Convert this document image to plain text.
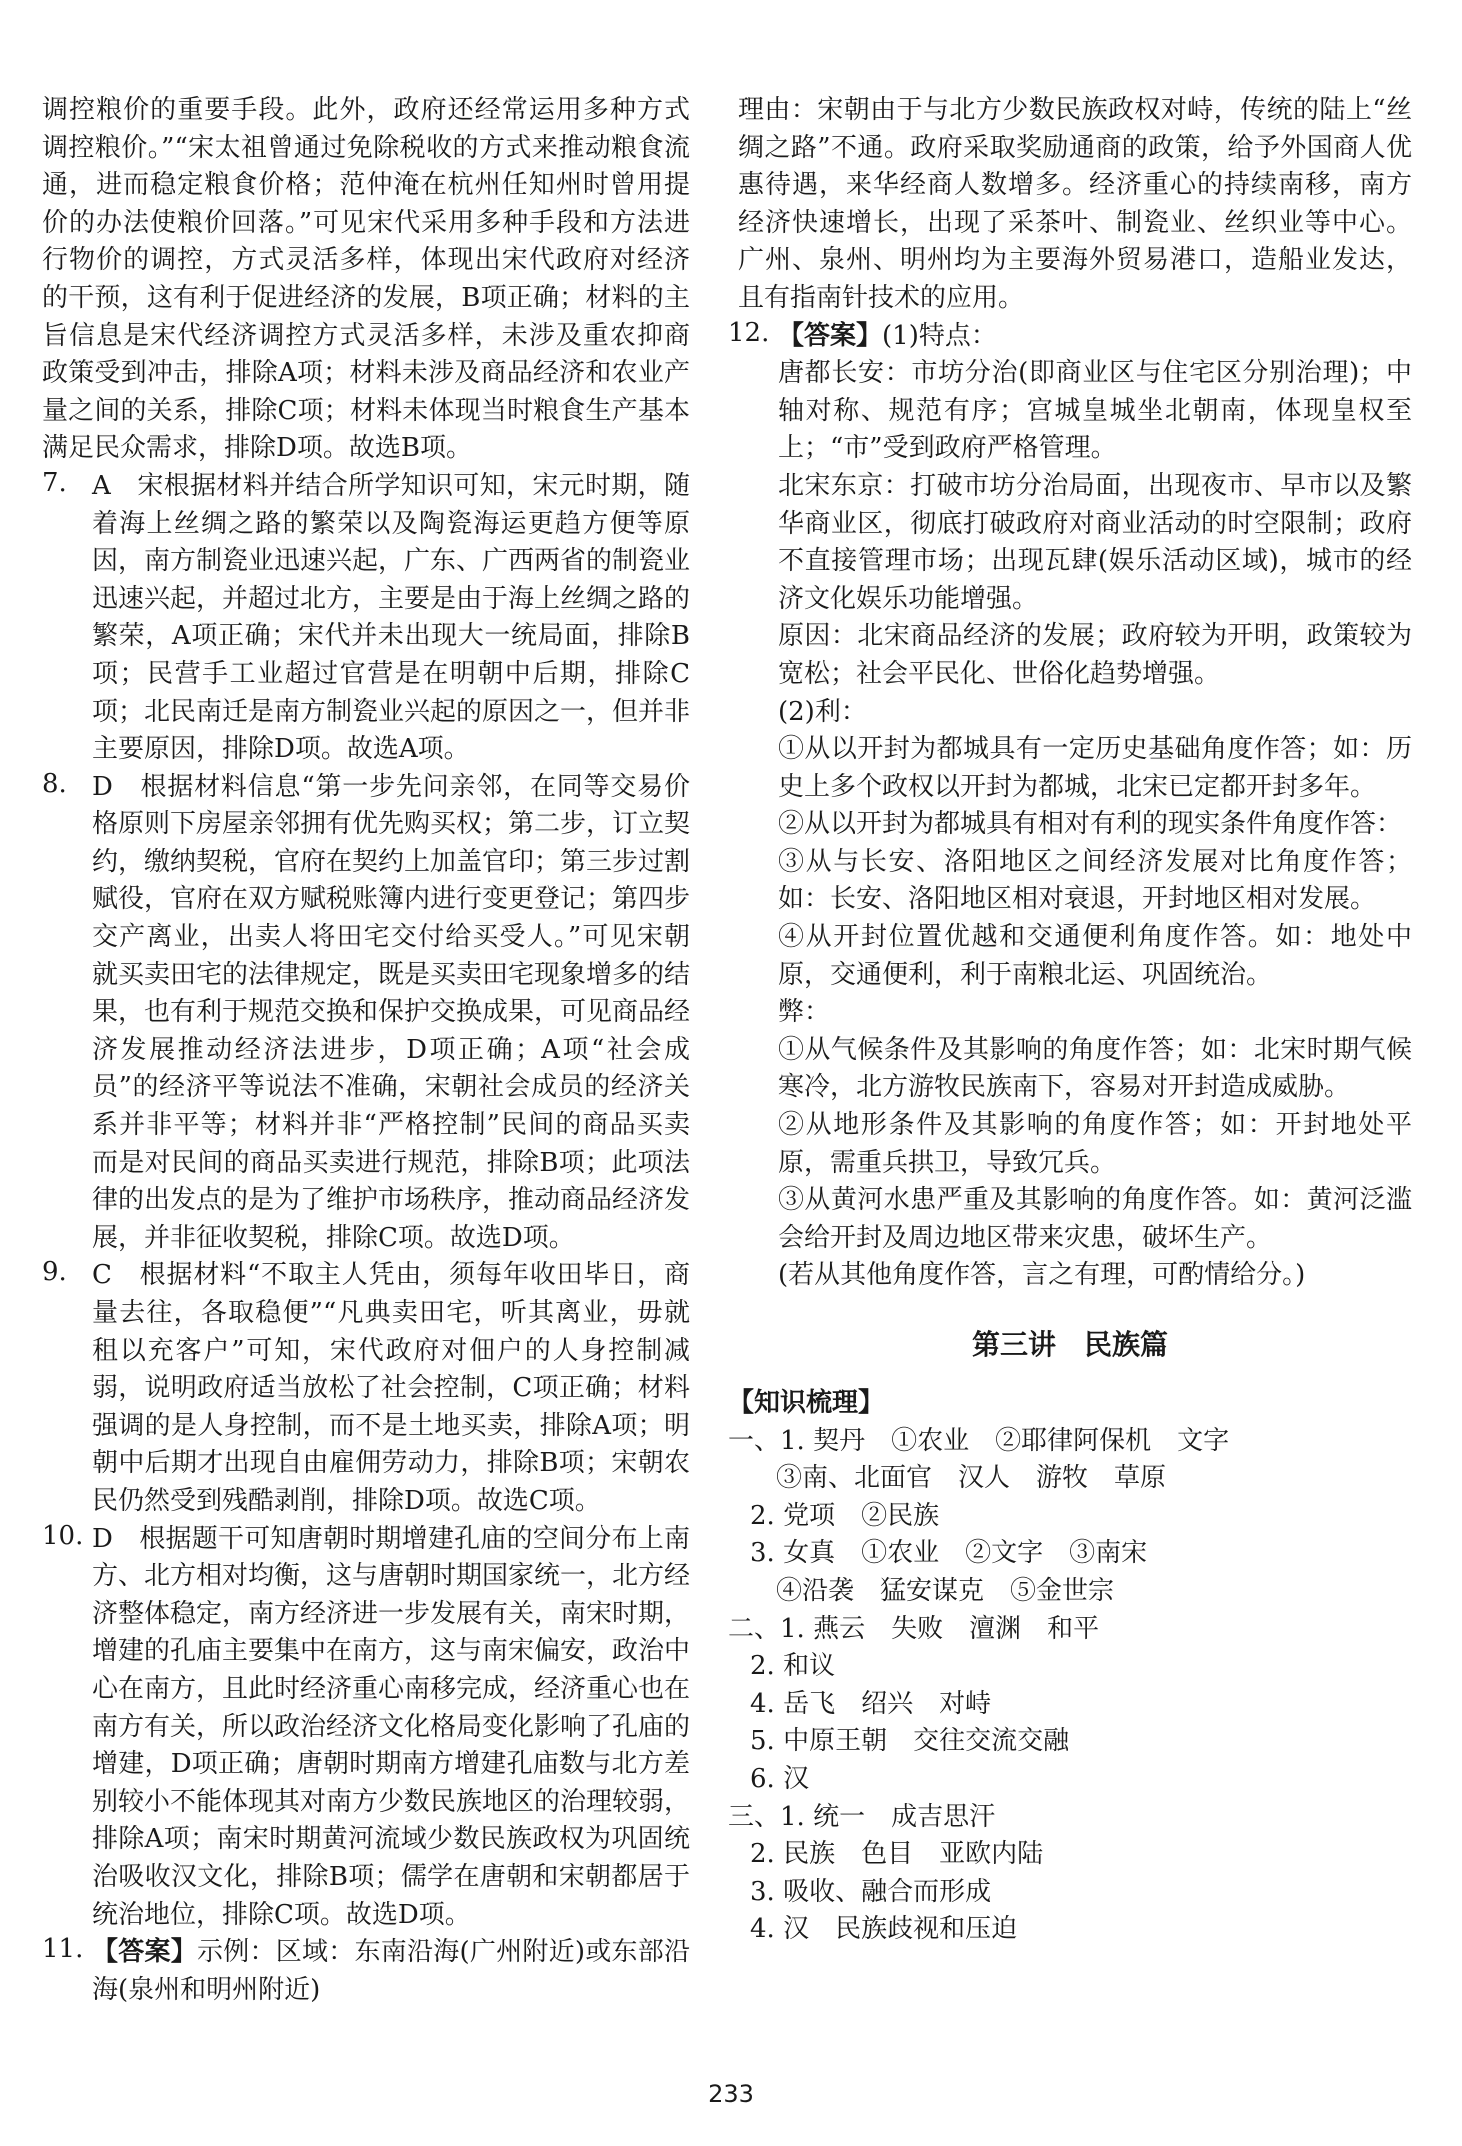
调控粮价的重要手段。此外，政府还经常运用多种方式调控粮价。”“宋太祖曾通过免除税收的方式来推动粮食流通，进而稳定粮食价格；范仲淹在杭州任知州时曾用提价的办法使粮价回落。”可见宋代采用多种手段和方法进行物价的调控，方式灵活多样，体现出宋代政府对经济的干预，这有利于促进经济的发展，B项正确；材料的主旨信息是宋代经济调控方式灵活多样，未涉及重农抑商政策受到冲击，排除A项；材料未涉及商品经济和农业产量之间的关系，排除C项；材料未体现当时粮食生产基本满足民众需求，排除D项。故选B项。

7. A　宋根据材料并结合所学知识可知，宋元时期，随着海上丝绸之路的繁荣以及陶瓷海运更趋方便等原因，南方制瓷业迅速兴起，广东、广西两省的制瓷业迅速兴起，并超过北方，主要是由于海上丝绸之路的繁荣，A项正确；宋代并未出现大一统局面，排除B项；民营手工业超过官营是在明朝中后期，排除C项；北民南迁是南方制瓷业兴起的原因之一，但并非主要原因，排除D项。故选A项。

8. D　根据材料信息“第一步先问亲邻，在同等交易价格原则下房屋亲邻拥有优先购买权；第二步，订立契约，缴纳契税，官府在契约上加盖官印；第三步过割赋役，官府在双方赋税账簿内进行变更登记；第四步交产离业，出卖人将田宅交付给买受人。”可见宋朝就买卖田宅的法律规定，既是买卖田宅现象增多的结果，也有利于规范交换和保护交换成果，可见商品经济发展推动经济法进步，D项正确；A项“社会成员”的经济平等说法不准确，宋朝社会成员的经济关系并非平等；材料并非“严格控制”民间的商品买卖而是对民间的商品买卖进行规范，排除B项；此项法律的出发点的是为了维护市场秩序，推动商品经济发展，并非征收契税，排除C项。故选D项。

9. C　根据材料“不取主人凭由，须每年收田毕日，商量去往，各取稳便”“凡典卖田宅，听其离业，毋就租以充客户”可知，宋代政府对佃户的人身控制减弱，说明政府适当放松了社会控制，C项正确；材料强调的是人身控制，而不是土地买卖，排除A项；明朝中后期才出现自由雇佣劳动力，排除B项；宋朝农民仍然受到残酷剥削，排除D项。故选C项。

10. D　根据题干可知唐朝时期增建孔庙的空间分布上南方、北方相对均衡，这与唐朝时期国家统一，北方经济整体稳定，南方经济进一步发展有关，南宋时期，增建的孔庙主要集中在南方，这与南宋偏安，政治中心在南方，且此时经济重心南移完成，经济重心也在南方有关，所以政治经济文化格局变化影响了孔庙的增建，D项正确；唐朝时期南方增建孔庙数与北方差别较小不能体现其对南方少数民族地区的治理较弱，排除A项；南宋时期黄河流域少数民族政权为巩固统治吸收汉文化，排除B项；儒学在唐朝和宋朝都居于统治地位，排除C项。故选D项。

11. 【答案】示例：区域：东南沿海(广州附近)或东部沿海(泉州和明州附近)

理由：宋朝由于与北方少数民族政权对峙，传统的陆上“丝绸之路”不通。政府采取奖励通商的政策，给予外国商人优惠待遇，来华经商人数增多。经济重心的持续南移，南方经济快速增长，出现了采茶叶、制瓷业、丝织业等中心。广州、泉州、明州均为主要海外贸易港口，造船业发达，且有指南针技术的应用。

12. 【答案】(1)特点：

唐都长安：市坊分治(即商业区与住宅区分别治理)；中轴对称、规范有序；宫城皇城坐北朝南，体现皇权至上；“市”受到政府严格管理。

北宋东京：打破市坊分治局面，出现夜市、早市以及繁华商业区，彻底打破政府对商业活动的时空限制；政府不直接管理市场；出现瓦肆(娱乐活动区域)，城市的经济文化娱乐功能增强。

原因：北宋商品经济的发展；政府较为开明，政策较为宽松；社会平民化、世俗化趋势增强。

(2)利：

①从以开封为都城具有一定历史基础角度作答；如：历史上多个政权以开封为都城，北宋已定都开封多年。

②从以开封为都城具有相对有利的现实条件角度作答：

③从与长安、洛阳地区之间经济发展对比角度作答；如：长安、洛阳地区相对衰退，开封地区相对发展。

④从开封位置优越和交通便利角度作答。如：地处中原，交通便利，利于南粮北运、巩固统治。

弊：

①从气候条件及其影响的角度作答；如：北宋时期气候寒冷，北方游牧民族南下，容易对开封造成威胁。

②从地形条件及其影响的角度作答；如：开封地处平原，需重兵拱卫，导致冗兵。

③从黄河水患严重及其影响的角度作答。如：黄河泛滥会给开封及周边地区带来灾患，破坏生产。

(若从其他角度作答，言之有理，可酌情给分。)

第三讲　民族篇
【知识梳理】
一、1. 契丹　①农业　②耶律阿保机　文字
③南、北面官　汉人　游牧　草原
2. 党项　②民族
3. 女真　①农业　②文字　③南宋
④沿袭　猛安谋克　⑤金世宗
二、1. 燕云　失败　澶渊　和平
2. 和议
4. 岳飞　绍兴　对峙
5. 中原王朝　交往交流交融
6. 汉
三、1. 统一　成吉思汗
2. 民族　色目　亚欧内陆
3. 吸收、融合而形成
4. 汉　民族歧视和压迫
233
